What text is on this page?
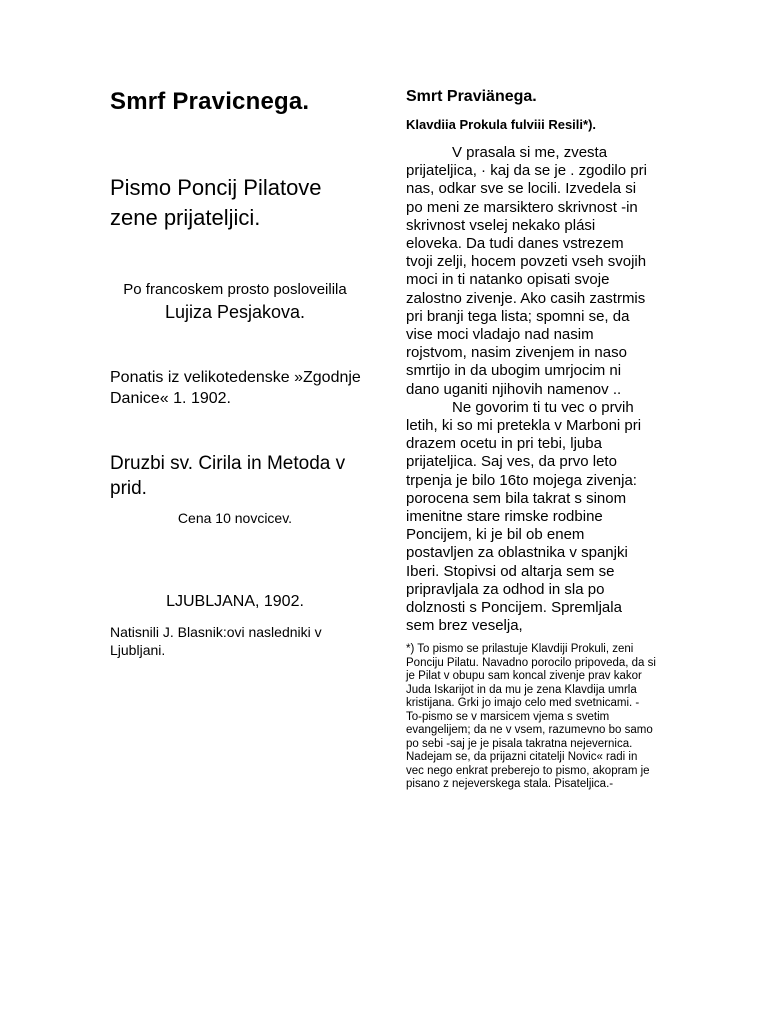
Smrf Pravicnega.

Pismo Poncij Pilatove zene prijateljici.

Po francoskem prosto posloveilila
Lujiza Pesjakova.
Ponatis iz velikotedenske »Zgodnje Danice« 1. 1902.
Druzbi sv. Cirila in Metoda v prid.
Cena 10 novcicev.
LJUBLJANA, 1902.
Natisnili J. Blasnik:ovi nasledniki v Ljubljani.
Smrt Praviänega.
Klavdiia Prokula fulviii Resili*).

V prasala si me, zvesta prijateljica, · kaj da se je . zgodilo pri nas, odkar sve se locili. Izvedela si po meni ze marsiktero skrivnost -in skrivnost vselej nekako plási eloveka. Da tudi danes vstrezem tvoji zelji, hocem povzeti vseh svojih moci in ti natanko opisati svoje zalostno zivenje. Ako casih zastrmis pri branji tega lista; spomni se, da vise moci vladajo nad nasim rojstvom, nasim zivenjem in naso smrtijo in da ubogim umrjocim ni dano uganiti njihovih namenov ..

Ne govorim ti tu vec o prvih letih, ki so mi pretekla v Marboni pri drazem ocetu in pri tebi, ljuba prijateljica. Saj ves, da prvo leto trpenja je bilo 16to mojega zivenja: porocena sem bila takrat s sinom imenitne stare rimske rodbine Poncijem, ki je bil ob enem postavljen za oblastnika v spanjki Iberi. Stopivsi od altarja sem se pripravljala za odhod in sla po dolznosti s Poncijem. Spremljala sem brez veselja,

*) To pismo se prilastuje Klavdiji Prokuli, zeni Ponciju Pilatu. Navadno porocilo pripoveda, da si je Pilat v obupu sam koncal zivenje prav kakor Juda Iskarijot in da mu je zena Klavdija umrla kristijana. Grki jo imajo celo med svetnicami. - To-pismo se v marsicem vjema s svetim evangelijem; da ne v vsem, razumevno bo samo po sebi -saj je je pisala takratna nejevernica. Nadejam se, da prijazni citatelji Novic« radi in vec nego enkrat preberejo to pismo, akopram je pisano z nejeverskega stala. Pisateljica.-
